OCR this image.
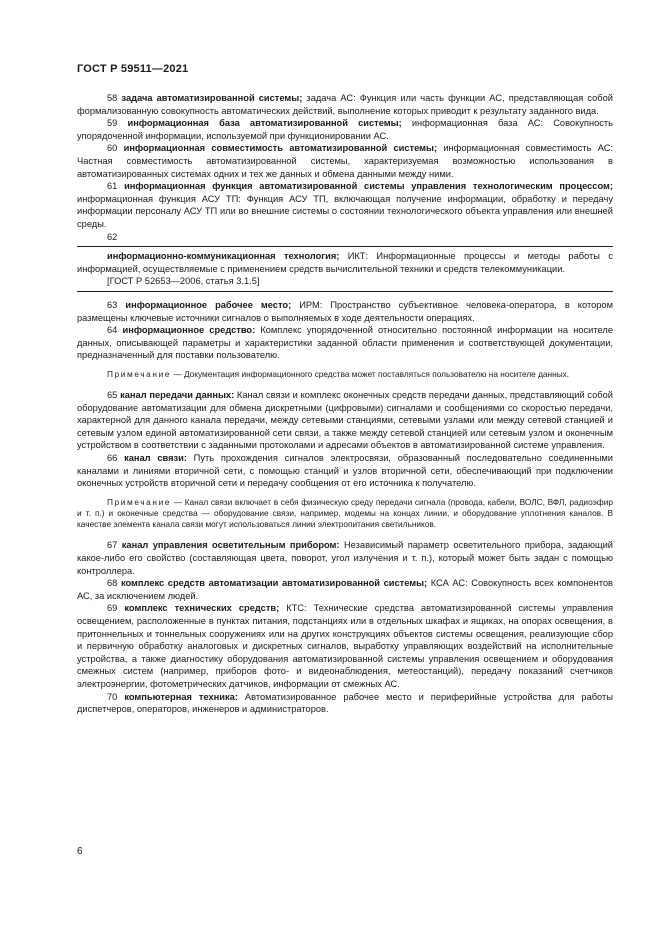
ГОСТ Р 59511—2021

58 задача автоматизированной системы; задача АС: Функция или часть функции АС, представляющая собой формализованную совокупность автоматических действий, выполнение которых приводит к результату заданного вида.

59 информационная база автоматизированной системы; информационная база АС: Совокупность упорядоченной информации, используемой при функционировании АС.

60 информационная совместимость автоматизированной системы; информационная совместимость АС: Частная совместимость автоматизированной системы, характеризуемая возможностью использования в автоматизированных системах одних и тех же данных и обмена данными между ними.

61 информационная функция автоматизированной системы управления технологическим процессом; информационная функция АСУ ТП: Функция АСУ ТП, включающая получение информации, обработку и передачу информации персоналу АСУ ТП или во внешние системы о состоянии технологического объекта управления или внешней среды.

62

информационно-коммуникационная технология; ИКТ: Информационные процессы и методы работы с информацией, осуществляемые с применением средств вычислительной техники и средств телекоммуникации.

[ГОСТ Р 52653—2006, статья 3.1.5]

63 информационное рабочее место; ИРМ: Пространство субъективное человека-оператора, в котором размещены ключевые источники сигналов о выполняемых в ходе деятельности операциях.

64 информационное средство: Комплекс упорядоченной относительно постоянной информации на носителе данных, описывающей параметры и характеристики заданной области применения и соответствующей документации, предназначенный для поставки пользователю.

Примечание — Документация информационного средства может поставляться пользователю на носителе данных.

65 канал передачи данных: Канал связи и комплекс оконечных средств передачи данных, представляющий собой оборудование автоматизации для обмена дискретными (цифровыми) сигналами и сообщениями со скоростью передачи, характерной для данного канала передачи, между сетевыми станциями, сетевыми узлами или между сетевой станцией и сетевым узлом единой автоматизированной сети связи, а также между сетевой станцией или сетевым узлом и оконечным устройством в соответствии с заданными протоколами и адресами объектов в автоматизированной системе управления.

66 канал связи: Путь прохождения сигналов электросвязи, образованный последовательно соединенными каналами и линиями вторичной сети, с помощью станций и узлов вторичной сети, обеспечивающий при подключении оконечных устройств вторичной сети и передачу сообщения от его источника к получателю.

Примечание — Канал связи включает в себя физическую среду передачи сигнала (провода, кабели, ВОЛС, ВФЛ, радиоэфир и т. п.) и оконечные средства — оборудование связи, например, модемы на концах линии, и оборудование уплотнения каналов. В качестве элемента канала связи могут использоваться линии электропитания светильников.

67 канал управления осветительным прибором: Независимый параметр осветительного прибора, задающий какое-либо его свойство (составляющая цвета, поворот, угол излучения и т. п.), который может быть задан с помощью контроллера.

68 комплекс средств автоматизации автоматизированной системы; КСА АС: Совокупность всех компонентов АС, за исключением людей.

69 комплекс технических средств; КТС: Технические средства автоматизированной системы управления освещением, расположенные в пунктах питания, подстанциях или в отдельных шкафах и ящиках, на опорах освещения, в притоннельных и тоннельных сооружениях или на других конструкциях объектов системы освещения, реализующие сбор и первичную обработку аналоговых и дискретных сигналов, выработку управляющих воздействий на исполнительные устройства, а также диагностику оборудования автоматизированной системы управления освещением и оборудования смежных систем (например, приборов фото- и видеонаблюдения, метеостанций), передачу показаний счетчиков электроэнергии, фотометрических датчиков, информации от смежных АС.

70 компьютерная техника: Автоматизированное рабочее место и периферийные устройства для работы диспетчеров, операторов, инженеров и администраторов.

6
